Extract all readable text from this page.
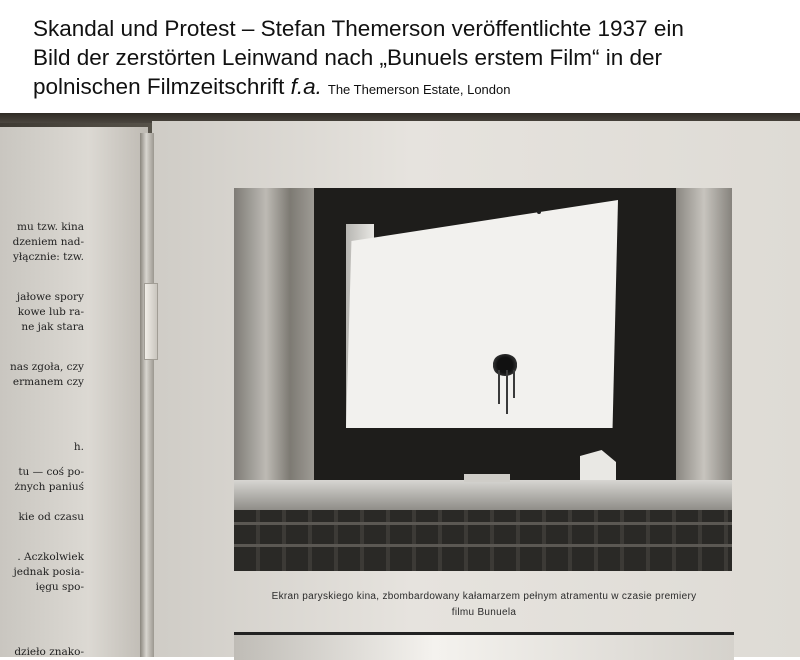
Skandal und Protest – Stefan Themerson veröffentlichte 1937 ein
Bild der zerstörten Leinwand nach „Bunuels erstem Film“ in der
polnischen Filmzeitschrift f.a. The Themerson Estate, London
mu tzw. kina
dzeniem nad-
yłącznie: tzw.
jałowe spory
kowe lub ra-
ne jak stara
nas zgoła, czy
ermanem czy
h.
tu — coś po-
żnych paniuś
kie od czasu
. Aczkolwiek
jednak posia-
ięgu spo-
dzieło znako-
Ekran paryskiego kina, zbombardowany kałamarzem pełnym atramentu w czasie premiery
filmu Bunuela
